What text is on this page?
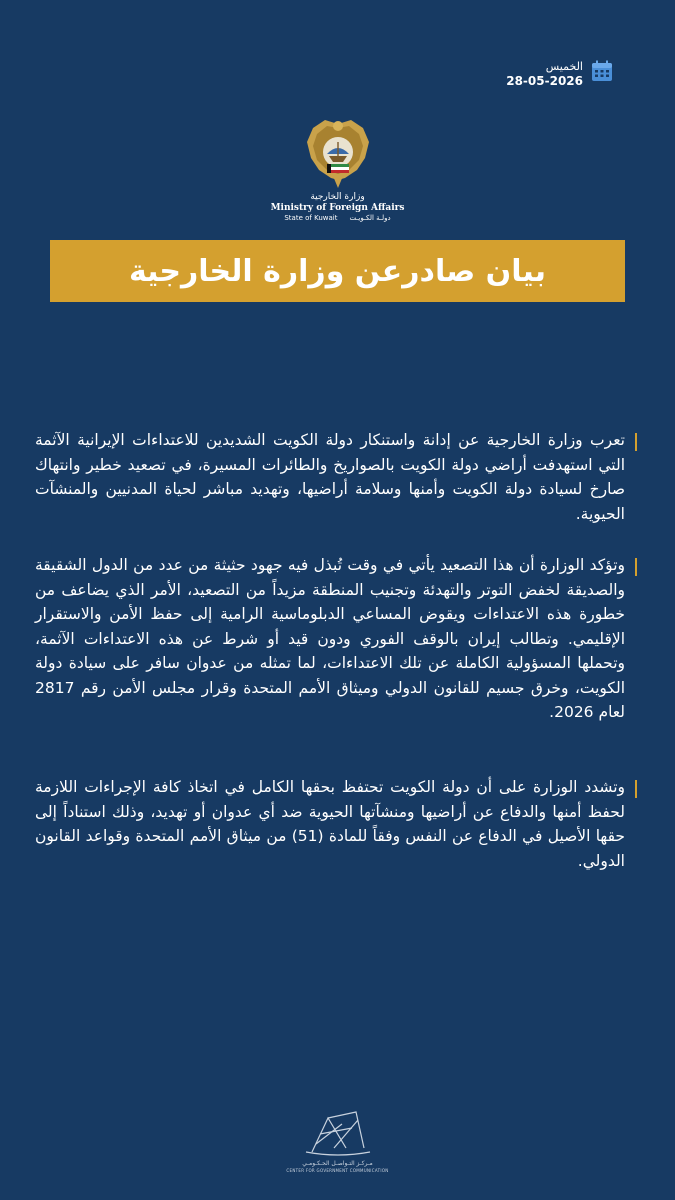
الخميس
28-05-2026
وزارة الخارجية
Ministry of Foreign Affairs
State of Kuwait دولـة الكـويـت
بيان صادرعن وزارة الخارجية
تعرب وزارة الخارجية عن إدانة واستنكار دولة الكويت الشديدين للاعتداءات الإيرانية الآثمة التي استهدفت أراضي دولة الكويت بالصواريخ والطائرات المسيرة، في تصعيد خطير وانتهاك صارخ لسيادة دولة الكويت وأمنها وسلامة أراضيها، وتهديد مباشر لحياة المدنيين والمنشآت الحيوية.
وتؤكد الوزارة أن هذا التصعيد يأتي في وقت تُبذل فيه جهود حثيثة من عدد من الدول الشقيقة والصديقة لخفض التوتر والتهدئة وتجنيب المنطقة مزيداً من التصعيد، الأمر الذي يضاعف من خطورة هذه الاعتداءات ويقوض المساعي الدبلوماسية الرامية إلى حفظ الأمن والاستقرار الإقليمي. وتطالب إيران بالوقف الفوري ودون قيد أو شرط عن هذه الاعتداءات الآثمة، وتحملها المسؤولية الكاملة عن تلك الاعتداءات، لما تمثله من عدوان سافر على سيادة دولة الكويت، وخرق جسيم للقانون الدولي وميثاق الأمم المتحدة وقرار مجلس الأمن رقم 2817 لعام 2026.
وتشدد الوزارة على أن دولة الكويت تحتفظ بحقها الكامل في اتخاذ كافة الإجراءات اللازمة لحفظ أمنها والدفاع عن أراضيها ومنشآتها الحيوية ضد أي عدوان أو تهديد، وذلك استناداً إلى حقها الأصيل في الدفاع عن النفس وفقاً للمادة (51) من ميثاق الأمم المتحدة وقواعد القانون الدولي.
مـركـز التـواصـل الحـكـومـي
CENTER FOR GOVERNMENT COMMUNICATION
